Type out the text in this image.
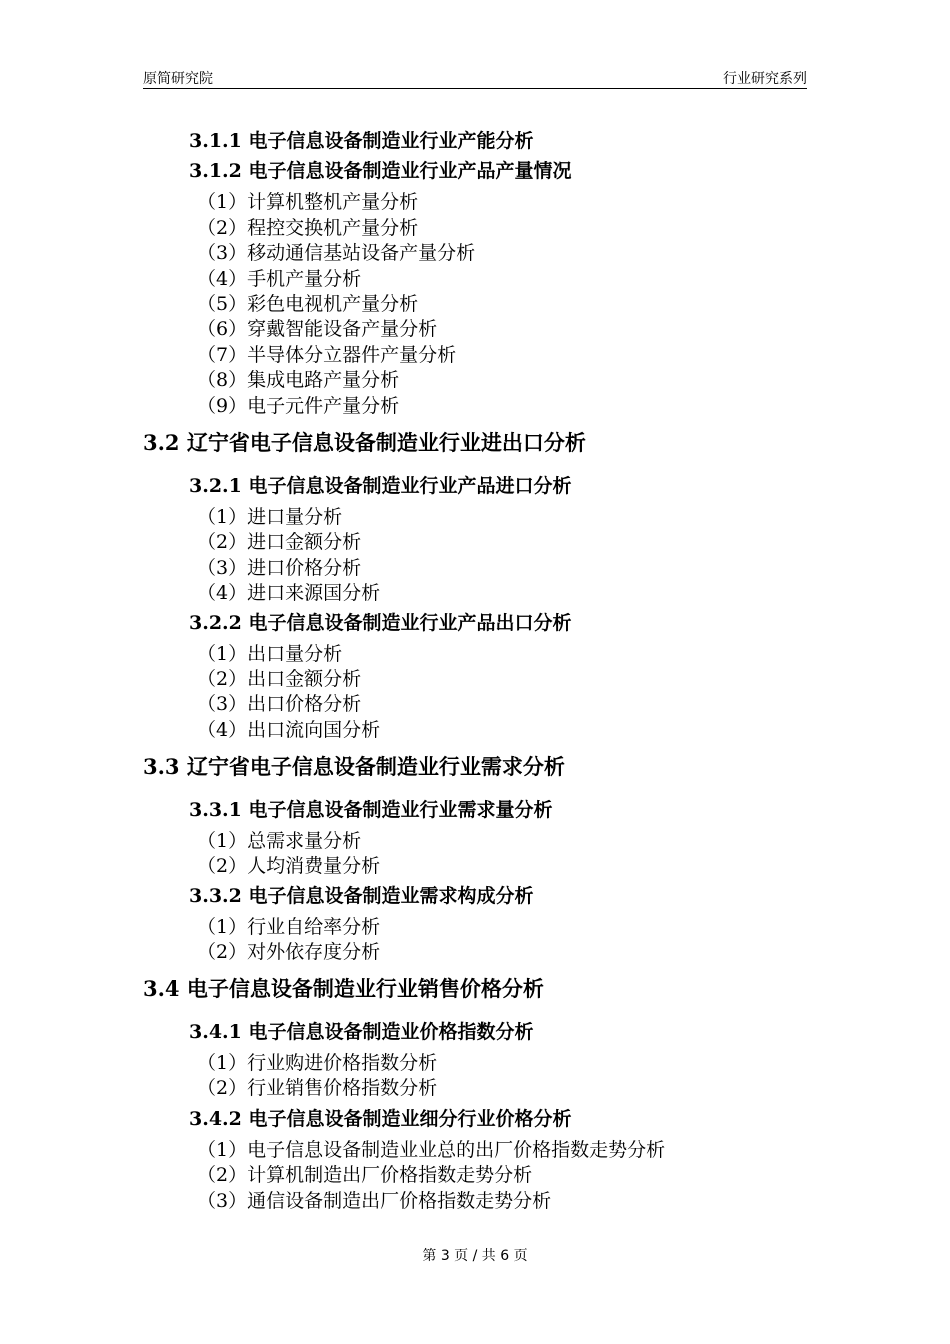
原简研究院	行业研究系列
3.1.1 电子信息设备制造业行业产能分析
3.1.2 电子信息设备制造业行业产品产量情况
（1）计算机整机产量分析
（2）程控交换机产量分析
（3）移动通信基站设备产量分析
（4）手机产量分析
（5）彩色电视机产量分析
（6）穿戴智能设备产量分析
（7）半导体分立器件产量分析
（8）集成电路产量分析
（9）电子元件产量分析
3.2 辽宁省电子信息设备制造业行业进出口分析
3.2.1 电子信息设备制造业行业产品进口分析
（1）进口量分析
（2）进口金额分析
（3）进口价格分析
（4）进口来源国分析
3.2.2 电子信息设备制造业行业产品出口分析
（1）出口量分析
（2）出口金额分析
（3）出口价格分析
（4）出口流向国分析
3.3 辽宁省电子信息设备制造业行业需求分析
3.3.1 电子信息设备制造业行业需求量分析
（1）总需求量分析
（2）人均消费量分析
3.3.2 电子信息设备制造业需求构成分析
（1）行业自给率分析
（2）对外依存度分析
3.4 电子信息设备制造业行业销售价格分析
3.4.1 电子信息设备制造业价格指数分析
（1）行业购进价格指数分析
（2）行业销售价格指数分析
3.4.2 电子信息设备制造业细分行业价格分析
（1）电子信息设备制造业业总的出厂价格指数走势分析
（2）计算机制造出厂价格指数走势分析
（3）通信设备制造出厂价格指数走势分析
第 3 页 / 共 6 页
